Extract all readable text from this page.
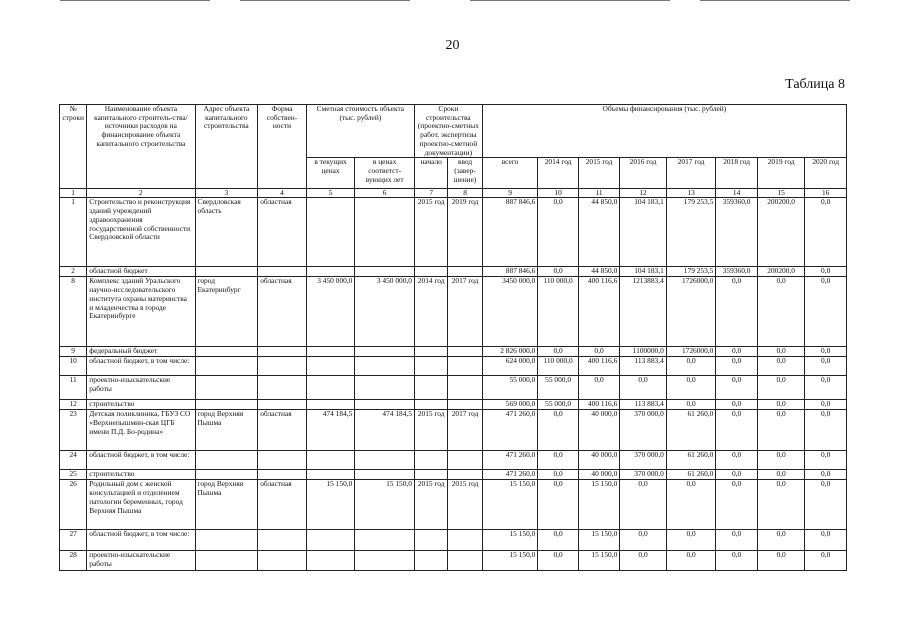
20
Таблица 8
№ строки	Наименование объекта капитального строитель-ства/ источники расходов на финансирование объекта капитального строительства	Адрес объекта капитального строительства	Форма собствен-ности	Сметная стоимость объекта (тыс. рублей)		Сроки строительства (проектно-сметных работ, экспертизы проектно-сметной документации)		Объемы финансирования (тыс. рублей)							
				в текущих ценах	в ценах соответст-вующих лет	начало	ввод (завер-шение)	всего	2014 год	2015 год	2016 год	2017 год	2018 год	2019 год	2020 год
1	2	3	4	5	6	7	8	9	10	11	12	13	14	15	16
1	Строительство и реконструкция зданий учреждений здравоохранения государственной собственности Свердловской области	Свердловская область	областная			2015 год	2019 год	887 846,6	0,0	44 850,0	104 183,1	179 253,5	359360,0	200200,0	0,0
2	областной бюджет							887 846,6	0,0	44 850,0	104 183,1	179 253,5	359360,0	200200,0	0,0
8	Комплекс зданий Уральского научно-исследовательского института охраны материнства и младенчества в городе Екатеринбурге	город Екатеринбург	областная	3 450 000,0	3 450 000,0	2014 год	2017 год	3450 000,0	110 000,0	400 116,6	1213883,4	1726000,0	0,0	0,0	0,0
9	федеральный бюджет							2 826 000,0	0,0	0,0	1100000,0	1726000,0	0,0	0,0	0,0
10	областной бюджет, в том числе:							624 000,0	110 000,0	400 116,6	113 883,4	0,0	0,0	0,0	0,0
11	проектно-изыскательские работы							55 000,0	55 000,0	0,0	0,0	0,0	0,0	0,0	0,0
12	строительство							569 000,0	55 000,0	400 116,6	113 883,4	0,0	0,0	0,0	0,0
23	Детская поликлиника, ГБУЗ СО «Верхнепышмин-ская ЦГБ имени П.Д. Бо-родина»	город Верхняя Пышма	областная	474 184,5	474 184,5	2015 год	2017 год	471 260,0	0,0	40 000,0	370 000,0	61 260,0	0,0	0,0	0,0
24	областной бюджет, в том числе:							471 260,0	0,0	40 000,0	370 000,0	61 260,0	0,0	0,0	0,0
25	строительство							471 260,0	0,0	40 000,0	370 000,0	61 260,0	0,0	0,0	0,0
26	Родильный дом с женской консультацией и отделением патологии беременных, город Верхняя Пышма	город Верхняя Пышма	областная	15 150,0	15 150,0	2015 год	2015 год	15 150,0	0,0	15 150,0	0,0	0,0	0,0	0,0	0,0
27	областной бюджет, в том числе:							15 150,0	0,0	15 150,0	0,0	0,0	0,0	0,0	0,0
28	проектно-изыскательские работы							15 150,0	0,0	15 150,0	0,0	0,0	0,0	0,0	0,0
